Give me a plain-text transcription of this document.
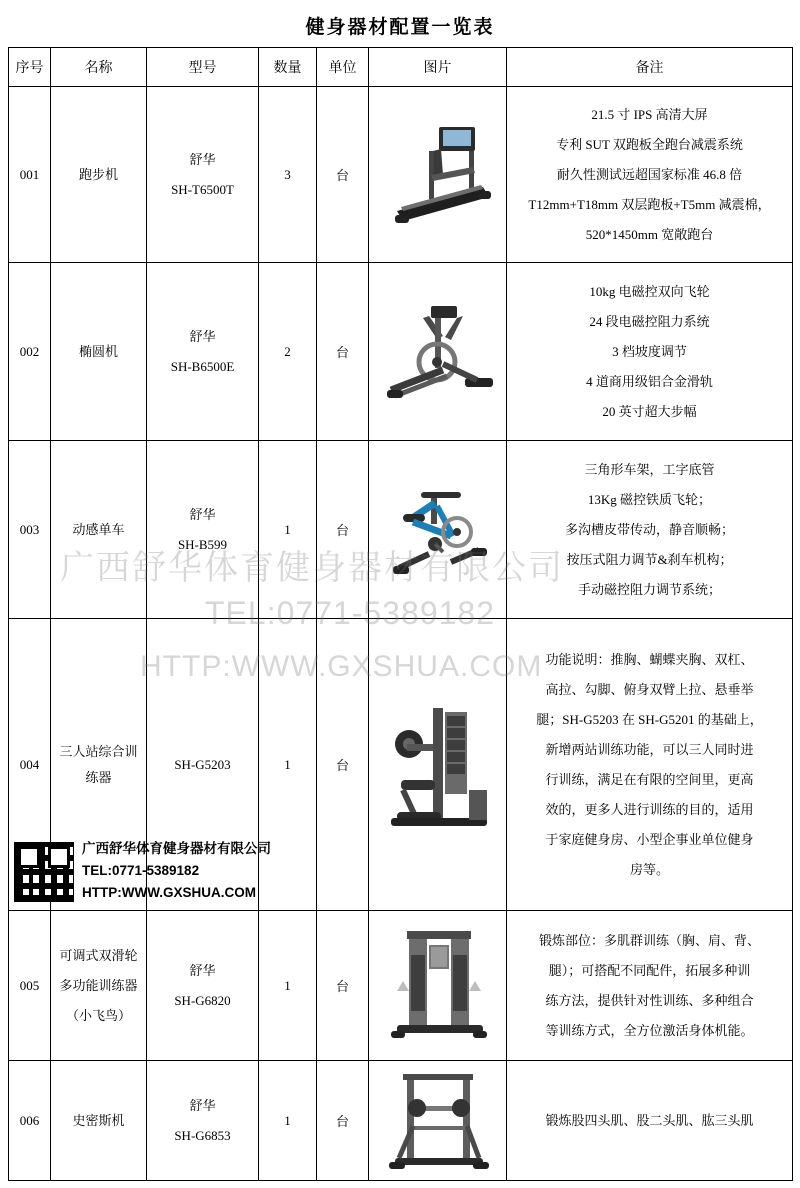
健身器材配置一览表
序号	名称	型号	数量	单位	图片	备注
001	跑步机	舒华
SH-T6500T	3	台		21.5 寸 IPS 高清大屏
专利 SUT 双跑板全跑台减震系统
耐久性测试远超国家标准 46.8 倍
T12mm+T18mm 双层跑板+T5mm 减震棉，
520*1450mm 宽敞跑台

002	椭圆机	舒华
SH-B6500E	2	台		10kg 电磁控双向飞轮
24 段电磁控阻力系统
3 档坡度调节
4 道商用级铝合金滑轨
20 英寸超大步幅

003	动感单车	舒华
SH-B599	1	台		三角形车架，工字底管
13Kg 磁控铁质飞轮；
多沟槽皮带传动，静音顺畅；
按压式阻力调节&刹车机构；
手动磁控阻力调节系统；

004	三人站综合训练器	SH-G5203	1	台	

功能说明：推胸、蝴蝶夹胸、双杠、
高拉、勾脚、俯身双臂上拉、悬垂举
腿；SH-G5203 在 SH-G5201 的基础上，
新增两站训练功能，可以三人同时进
行训练，满足在有限的空间里，更高
效的，更多人进行训练的目的，适用
于家庭健身房、小型企事业单位健身
房等。

005	可调式双滑轮多功能训练器（小飞鸟）	舒华
SH-G6820	1	台		锻炼部位：多肌群训练（胸、肩、背、
腿）；可搭配不同配件，拓展多种训
练方法，提供针对性训练、多种组合
等训练方式，全方位激活身体机能。

006	史密斯机	舒华
SH-G6853	1	台		锻炼股四头肌、股二头肌、肱三头肌
广西舒华体育健身器材有限公司
TEL:0771-5389182
HTTP:WWW.GXSHUA.COM
广西舒华体育健身器材有限公司
TEL:0771-5389182
HTTP:WWW.GXSHUA.COM
